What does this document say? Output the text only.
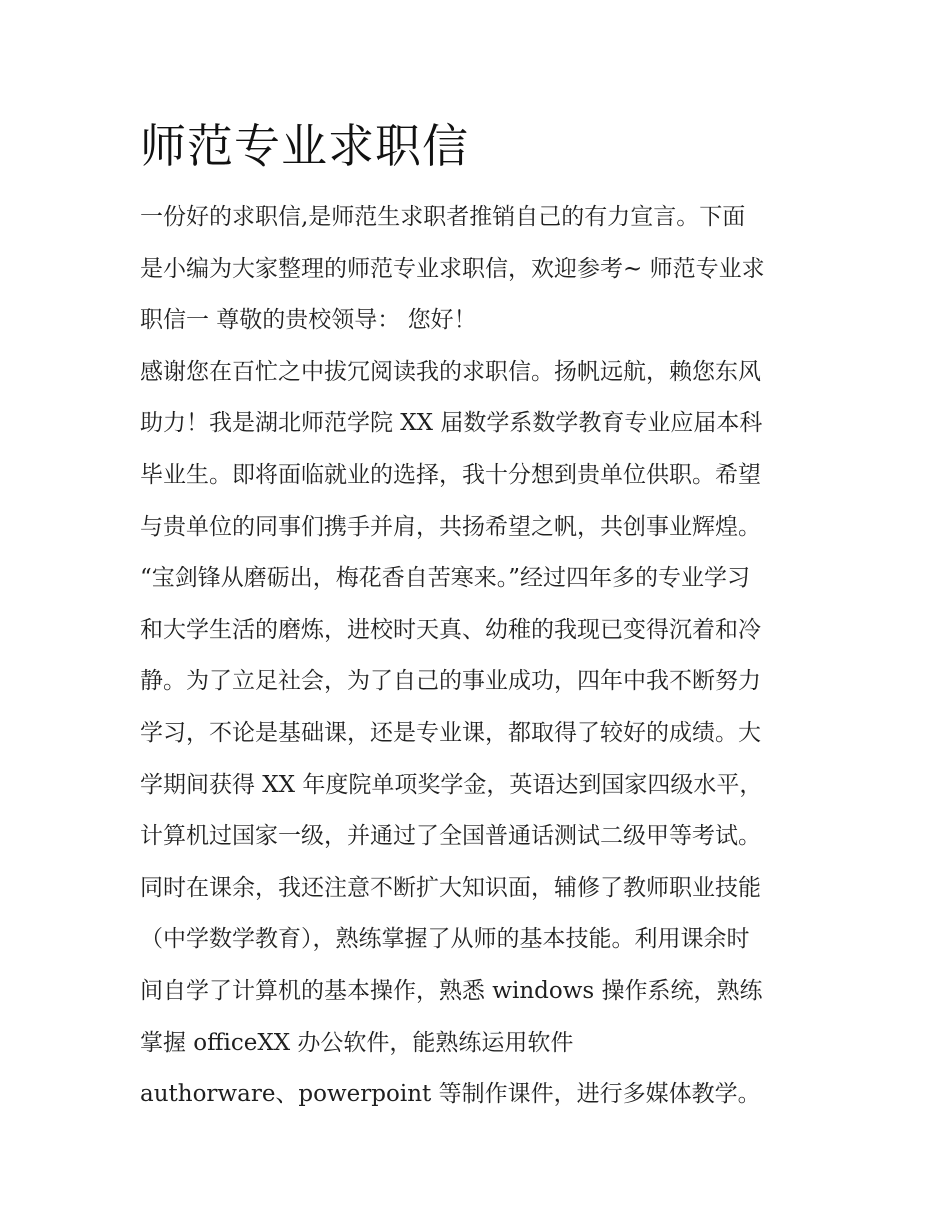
师范专业求职信
一份好的求职信,是师范生求职者推销自己的有力宣言。下面
是小编为大家整理的师范专业求职信，欢迎参考~ 师范专业求
职信一 尊敬的贵校领导： 您好！
感谢您在百忙之中拔冗阅读我的求职信。扬帆远航，赖您东风
助力！我是湖北师范学院 XX 届数学系数学教育专业应届本科
毕业生。即将面临就业的选择，我十分想到贵单位供职。希望
与贵单位的同事们携手并肩，共扬希望之帆，共创事业辉煌。
“宝剑锋从磨砺出，梅花香自苦寒来。”经过四年多的专业学习
和大学生活的磨炼，进校时天真、幼稚的我现已变得沉着和冷
静。为了立足社会，为了自己的事业成功，四年中我不断努力
学习，不论是基础课，还是专业课，都取得了较好的成绩。大
学期间获得 XX 年度院单项奖学金，英语达到国家四级水平，
计算机过国家一级，并通过了全国普通话测试二级甲等考试。
同时在课余，我还注意不断扩大知识面，辅修了教师职业技能
（中学数学教育），熟练掌握了从师的基本技能。利用课余时
间自学了计算机的基本操作，熟悉 windows 操作系统，熟练
掌握 officeXX 办公软件，能熟练运用软件
authorware、powerpoint 等制作课件，进行多媒体教学。
